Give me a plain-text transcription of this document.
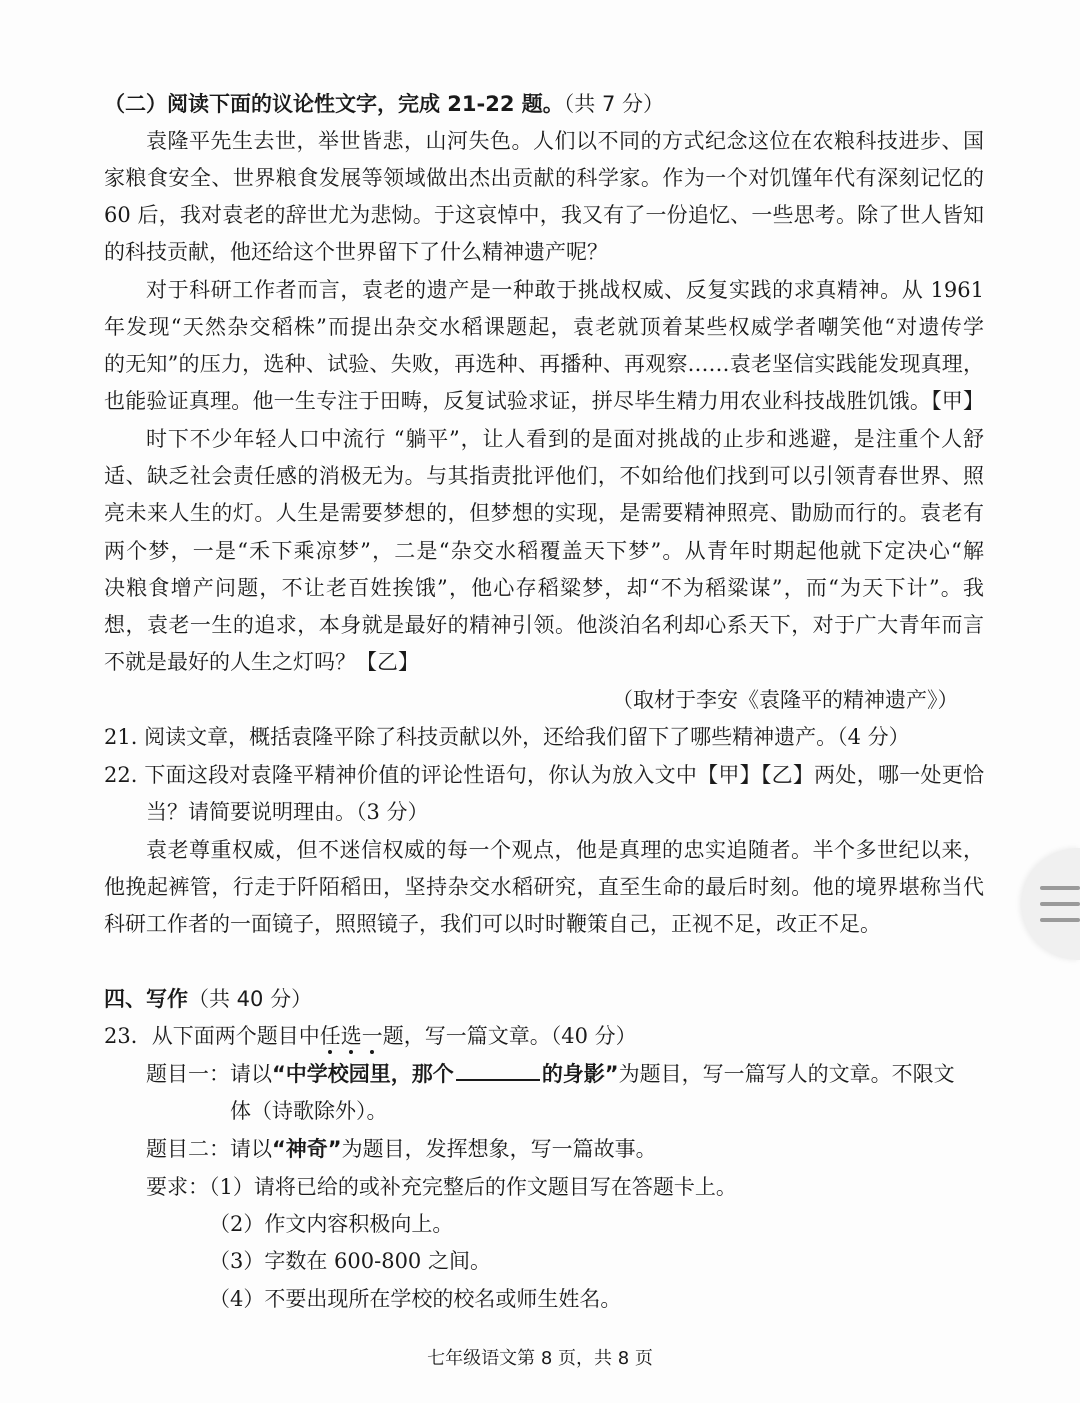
（二）阅读下面的议论性文字，完成 21-22 题。（共 7 分）
袁隆平先生去世，举世皆悲，山河失色。人们以不同的方式纪念这位在农粮科技进步、国
家粮食安全、世界粮食发展等领域做出杰出贡献的科学家。作为一个对饥馑年代有深刻记忆的
60 后，我对袁老的辞世尤为悲恸。于这哀悼中，我又有了一份追忆、一些思考。除了世人皆知
的科技贡献，他还给这个世界留下了什么精神遗产呢？
对于科研工作者而言，袁老的遗产是一种敢于挑战权威、反复实践的求真精神。从 1961
年发现“天然杂交稻株”而提出杂交水稻课题起，袁老就顶着某些权威学者嘲笑他“对遗传学
的无知”的压力，选种、试验、失败，再选种、再播种、再观察……袁老坚信实践能发现真理，
也能验证真理。他一生专注于田畴，反复试验求证，拼尽毕生精力用农业科技战胜饥饿。【甲】
时下不少年轻人口中流行 “躺平”，让人看到的是面对挑战的止步和逃避，是注重个人舒
适、缺乏社会责任感的消极无为。与其指责批评他们，不如给他们找到可以引领青春世界、照
亮未来人生的灯。人生是需要梦想的，但梦想的实现，是需要精神照亮、勖励而行的。袁老有
两个梦，一是“禾下乘凉梦”，二是“杂交水稻覆盖天下梦”。从青年时期起他就下定决心“解
决粮食增产问题，不让老百姓挨饿”，他心存稻粱梦，却“不为稻粱谋”，而“为天下计”。我
想，袁老一生的追求，本身就是最好的精神引领。他淡泊名利却心系天下，对于广大青年而言
不就是最好的人生之灯吗？【乙】
（取材于李安《袁隆平的精神遗产》）
21. 阅读文章，概括袁隆平除了科技贡献以外，还给我们留下了哪些精神遗产。（4 分）
22. 下面这段对袁隆平精神价值的评论性语句，你认为放入文中【甲】【乙】两处，哪一处更恰
当？请简要说明理由。（3 分）
袁老尊重权威，但不迷信权威的每一个观点，他是真理的忠实追随者。半个多世纪以来，
他挽起裤管，行走于阡陌稻田，坚持杂交水稻研究，直至生命的最后时刻。他的境界堪称当代
科研工作者的一面镜子，照照镜子，我们可以时时鞭策自己，正视不足，改正不足。
四、写作（共 40 分）
23．从下面两个题目中任选一题，写一篇文章。（40 分）
题目一：请以“中学校园里，那个	的身影”为题目，写一篇写人的文章。不限文
体（诗歌除外）。
题目二：请以“神奇”为题目，发挥想象，写一篇故事。
要求：（1）请将已给的或补充完整后的作文题目写在答题卡上。
（2）作文内容积极向上。
（3）字数在 600-800 之间。
（4）不要出现所在学校的校名或师生姓名。
七年级语文第 8 页，共 8 页
